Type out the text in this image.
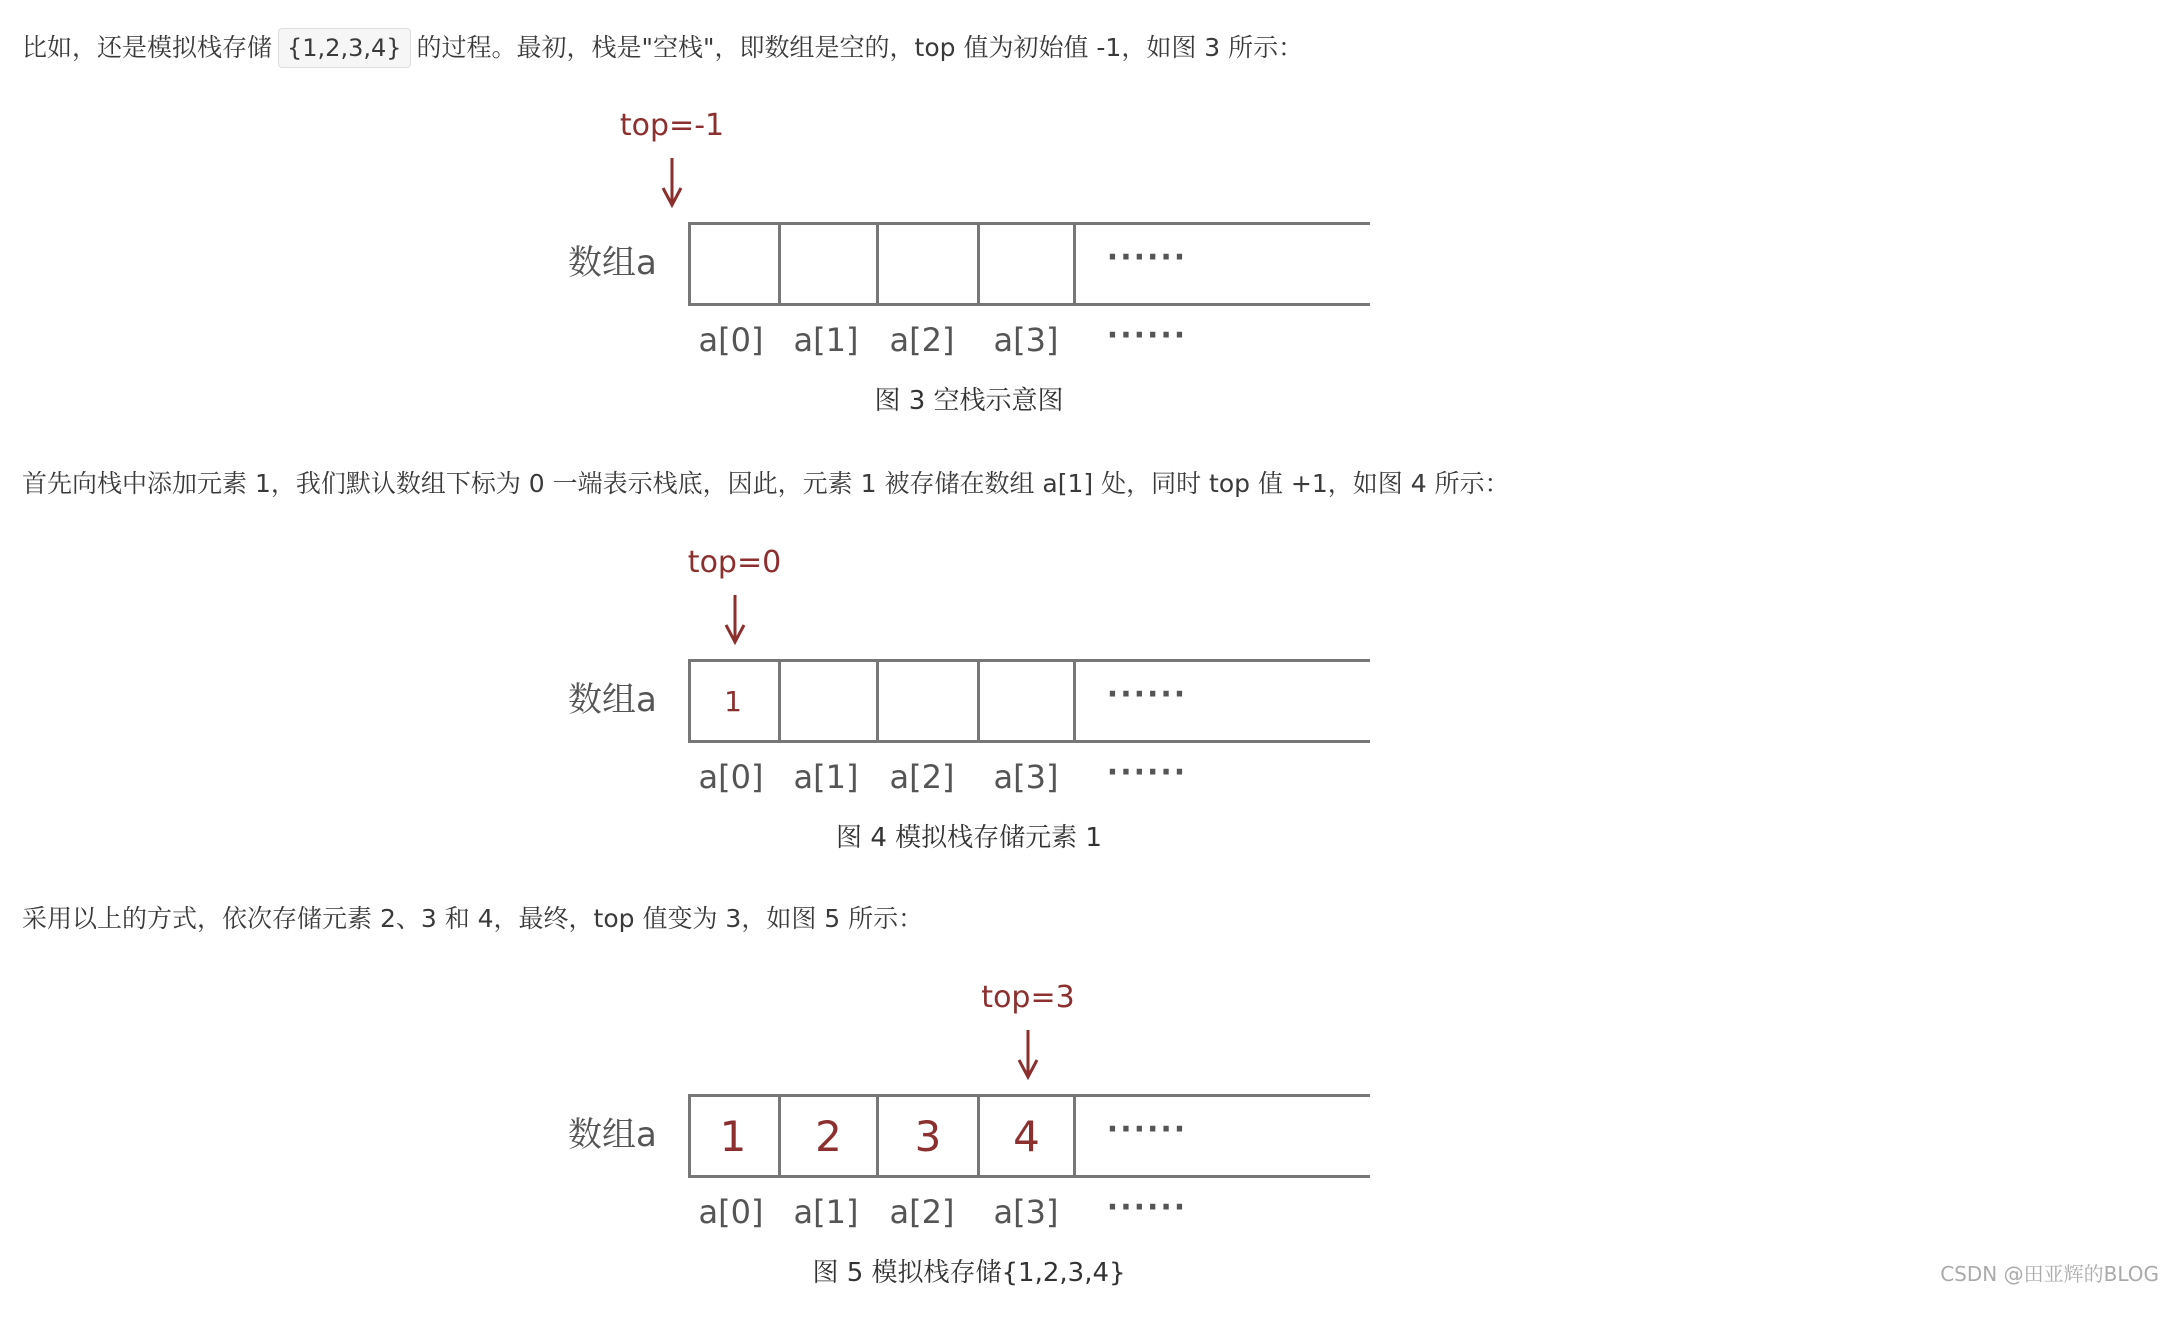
比如，还是模拟栈存储 {1,2,3,4} 的过程。最初，栈是"空栈"，即数组是空的，top 值为初始值 -1，如图 3 所示：
首先向栈中添加元素 1，我们默认数组下标为 0 一端表示栈底，因此，元素 1 被存储在数组 a[1] 处，同时 top 值 +1，如图 4 所示：
采用以上的方式，依次存储元素 2、3 和 4，最终，top 值变为 3，如图 5 所示：
top=-1
数组a	······
a[0] a[1] a[2] a[3] ······
图 3 空栈示意图
top=0
数组a 1	······
a[0] a[1] a[2] a[3] ······
图 4 模拟栈存储元素 1
top=3
数组a 1 2 3 4 ······
a[0] a[1] a[2] a[3] ······
图 5 模拟栈存储{1,2,3,4}	CSDN @田亚辉的BLOG
